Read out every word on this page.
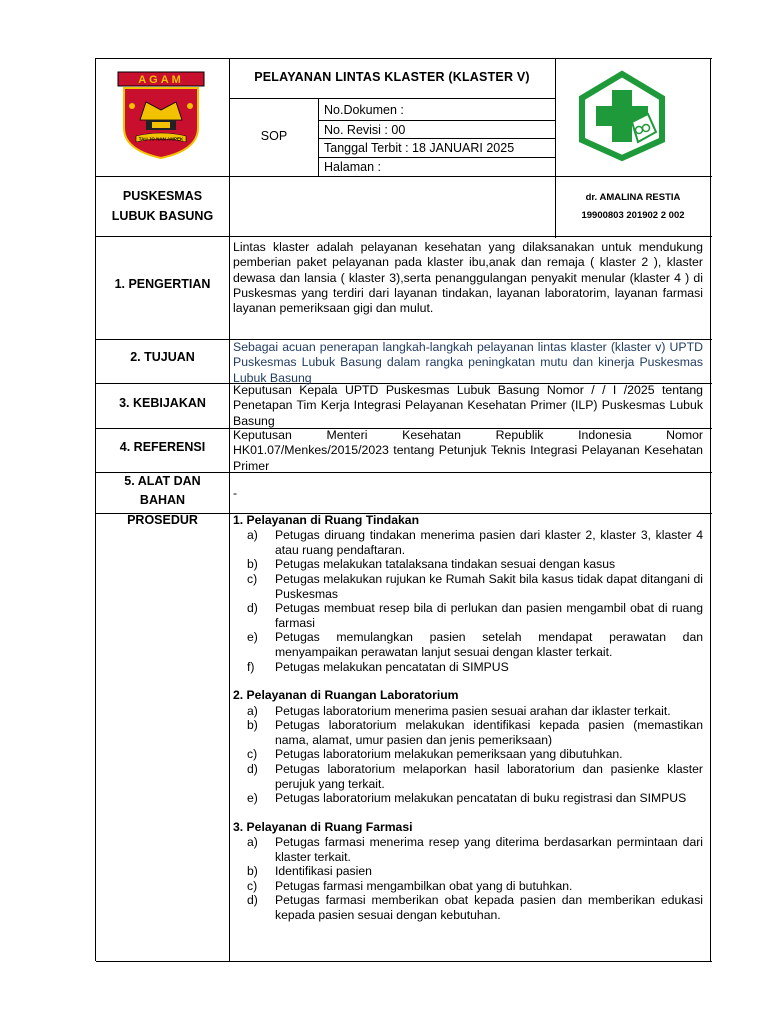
AGAM
TAU JO NAN AMPEK
PELAYANAN LINTAS KLASTER (KLASTER V)
SOP
No.Dokumen :
No. Revisi : 00
Tanggal Terbit : 18 JANUARI 2025
Halaman :
PUSKESMAS
LUBUK BASUNG
dr. AMALINA RESTIA
19900803 201902 2 002
1. PENGERTIAN
Lintas klaster adalah pelayanan kesehatan yang dilaksanakan untuk mendukung pemberian paket pelayanan pada klaster ibu,anak dan remaja ( klaster 2 ), klaster dewasa dan lansia ( klaster 3),serta penanggulangan penyakit menular (klaster 4 ) di Puskesmas yang terdiri dari layanan tindakan, layanan laboratorim, layanan farmasi layanan pemeriksaan gigi dan mulut.
2. TUJUAN
Sebagai acuan penerapan langkah-langkah pelayanan lintas klaster (klaster v) UPTD Puskesmas Lubuk Basung dalam rangka peningkatan mutu dan kinerja Puskesmas Lubuk Basung
3. KEBIJAKAN
Keputusan Kepala UPTD Puskesmas Lubuk Basung Nomor / / I /2025 tentang Penetapan Tim Kerja Integrasi Pelayanan Kesehatan Primer (ILP) Puskesmas Lubuk Basung
4. REFERENSI
Keputusan Menteri Kesehatan Republik Indonesia Nomor HK01.07/Menkes/2015/2023 tentang Petunjuk Teknis Integrasi Pelayanan Kesehatan Primer
5. ALAT DAN
BAHAN	-
PROSEDUR	1. Pelayanan di Ruang Tindakan
a) Petugas diruang tindakan menerima pasien dari klaster 2, klaster 3, klaster 4 atau ruang pendaftaran.
b) Petugas melakukan tatalaksana tindakan sesuai dengan kasus
c) Petugas melakukan rujukan ke Rumah Sakit bila kasus tidak dapat ditangani di Puskesmas
d) Petugas membuat resep bila di perlukan dan pasien mengambil obat di ruang farmasi
e) Petugas memulangkan pasien setelah mendapat perawatan dan menyampaikan perawatan lanjut sesuai dengan klaster terkait.
f) Petugas melakukan pencatatan di SIMPUS
2. Pelayanan di Ruangan Laboratorium
a) Petugas laboratorium menerima pasien sesuai arahan dar iklaster terkait.
b) Petugas laboratorium melakukan identifikasi kepada pasien (memastikan nama, alamat, umur pasien dan jenis pemeriksaan)
c) Petugas laboratorium melakukan pemeriksaan yang dibutuhkan.
d) Petugas laboratorium melaporkan hasil laboratorium dan pasienke klaster perujuk yang terkait.
e) Petugas laboratorium melakukan pencatatan di buku registrasi dan SIMPUS
3. Pelayanan di Ruang Farmasi
a) Petugas farmasi menerima resep yang diterima berdasarkan permintaan dari klaster terkait.
b) Identifikasi pasien
c) Petugas farmasi mengambilkan obat yang di butuhkan.
d) Petugas farmasi memberikan obat kepada pasien dan memberikan edukasi kepada pasien sesuai dengan kebutuhan.
